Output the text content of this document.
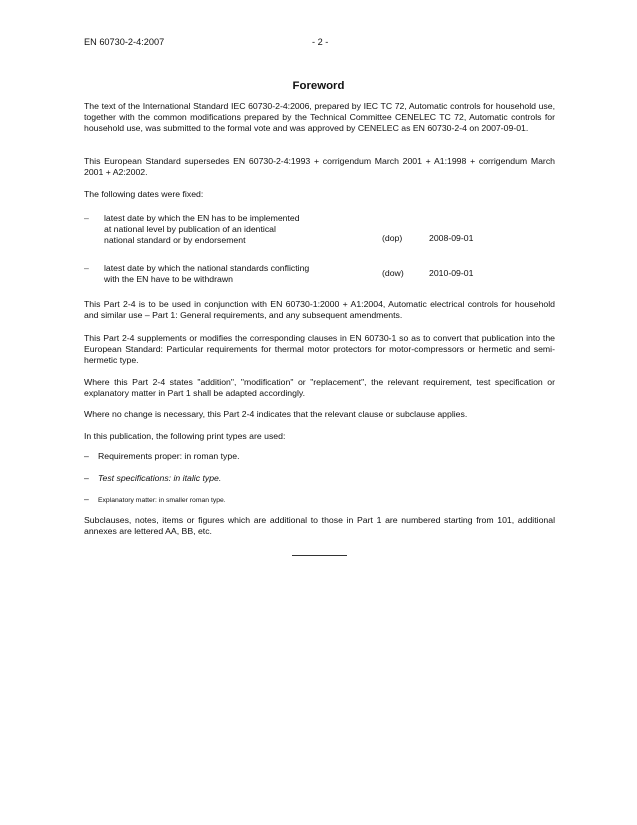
EN 60730-2-4:2007	- 2 -
Foreword
The text of the International Standard IEC 60730-2-4:2006, prepared by IEC TC 72, Automatic controls for household use, together with the common modifications prepared by the Technical Committee CENELEC TC 72, Automatic controls for household use, was submitted to the formal vote and was approved by CENELEC as EN 60730-2-4 on 2007-09-01.
This European Standard supersedes EN 60730-2-4:1993 + corrigendum March 2001 + A1:1998 + corrigendum March 2001 + A2:2002.
The following dates were fixed:
– latest date by which the EN has to be implemented
at national level by publication of an identical
national standard or by endorsement	(dop)	2008-09-01
– latest date by which the national standards conflicting
with the EN have to be withdrawn
(dow)	2010-09-01
This Part 2-4 is to be used in conjunction with EN 60730-1:2000 + A1:2004, Automatic electrical controls for household and similar use – Part 1: General requirements, and any subsequent amendments.
This Part 2-4 supplements or modifies the corresponding clauses in EN 60730-1 so as to convert that publication into the European Standard: Particular requirements for thermal motor protectors for motor-compressors or hermetic and semi-hermetic type.
Where this Part 2-4 states "addition", "modification" or "replacement", the relevant requirement, test specification or explanatory matter in Part 1 shall be adapted accordingly.
Where no change is necessary, this Part 2-4 indicates that the relevant clause or subclause applies.
In this publication, the following print types are used:
– Requirements proper: in roman type.
– Test specifications: in italic type.
– Explanatory matter: in smaller roman type.
Subclauses, notes, items or figures which are additional to those in Part 1 are numbered starting from 101, additional annexes are lettered AA, BB, etc.
